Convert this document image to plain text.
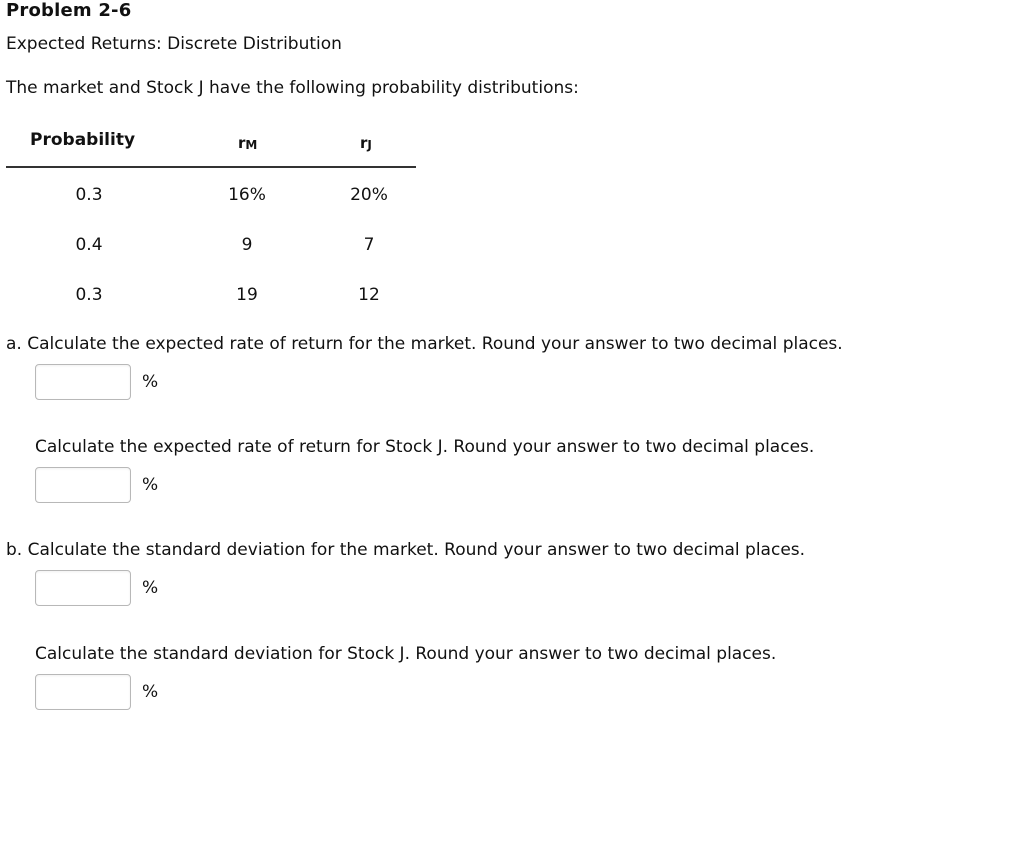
Problem 2-6
Expected Returns: Discrete Distribution
The market and Stock J have the following probability distributions:
Probability	rM	rJ
0.3	16%	20%
0.4	9	7
0.3	19	12
a. Calculate the expected rate of return for the market. Round your answer to two decimal places.
%
Calculate the expected rate of return for Stock J. Round your answer to two decimal places.
%
b. Calculate the standard deviation for the market. Round your answer to two decimal places.
%
Calculate the standard deviation for Stock J. Round your answer to two decimal places.
%
